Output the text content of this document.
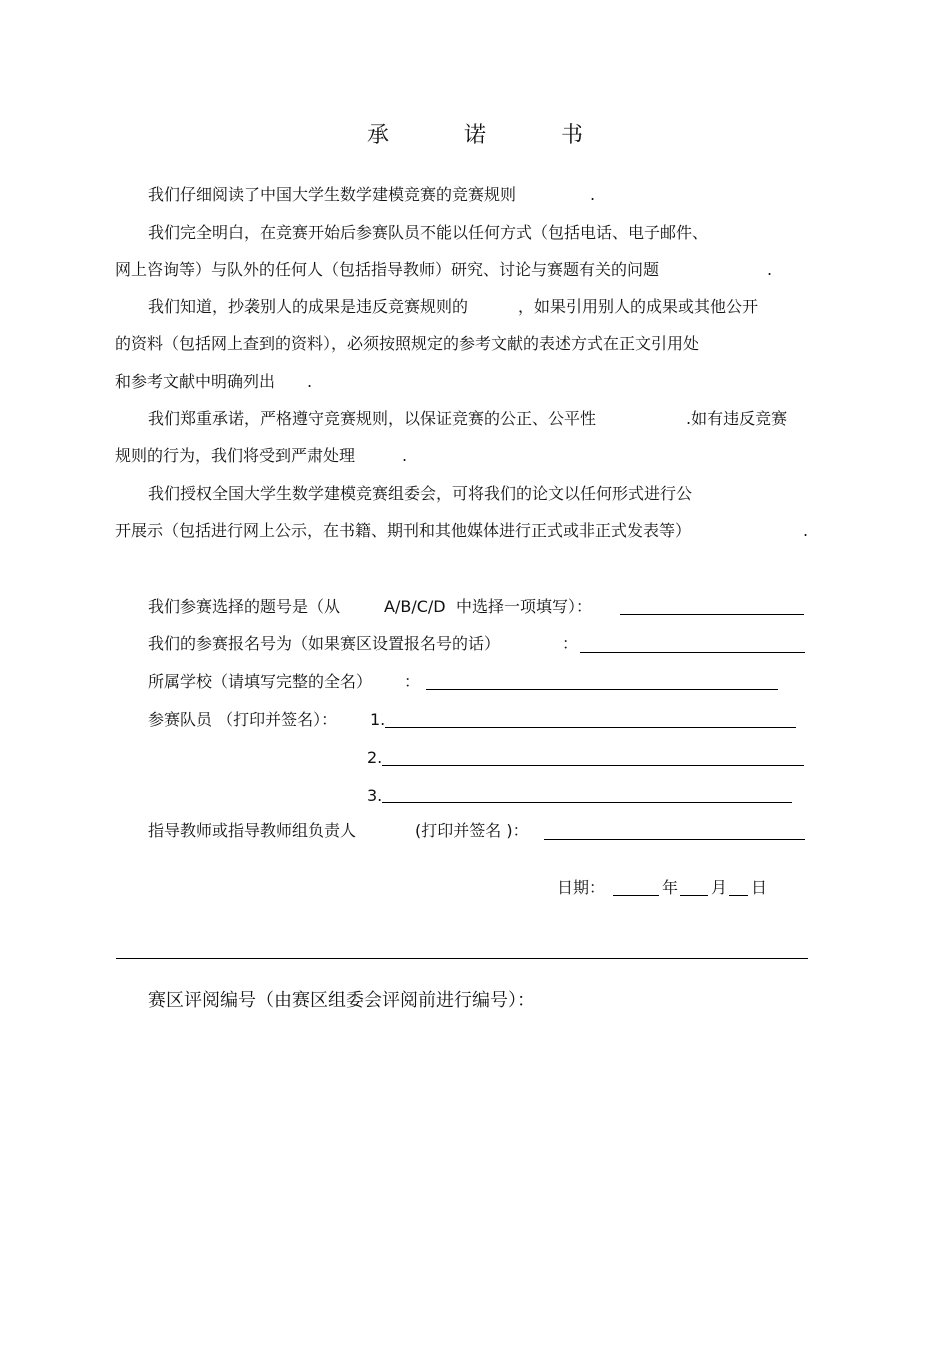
承 诺 书
我们仔细阅读了中国大学生数学建模竞赛的竞赛规则	.
我们完全明白，在竞赛开始后参赛队员不能以任何方式（包括电话、电子邮件、
网上咨询等）与队外的任何人（包括指导教师）研究、讨论与赛题有关的问题	.
我们知道，抄袭别人的成果是违反竞赛规则的	，如果引用别人的成果或其他公开
的资料（包括网上查到的资料），必须按照规定的参考文献的表述方式在正文引用处
和参考文献中明确列出 .
我们郑重承诺，严格遵守竞赛规则，以保证竞赛的公正、公平性	.如有违反竞赛
规则的行为，我们将受到严肃处理	.
我们授权全国大学生数学建模竞赛组委会，可将我们的论文以任何形式进行公
开展示（包括进行网上公示，在书籍、期刊和其他媒体进行正式或非正式发表等）	.
我们参赛选择的题号是（从	A/B/C/D 中选择一项填写）：
我们的参赛报名号为（如果赛区设置报名号的话）	：
所属学校（请填写完整的全名） ：
参赛队员 （打印并签名）： 1.
2.
3.
指导教师或指导教师组负责人	(打印并签名 )：
日期：	年 月 日
赛区评阅编号（由赛区组委会评阅前进行编号）：
